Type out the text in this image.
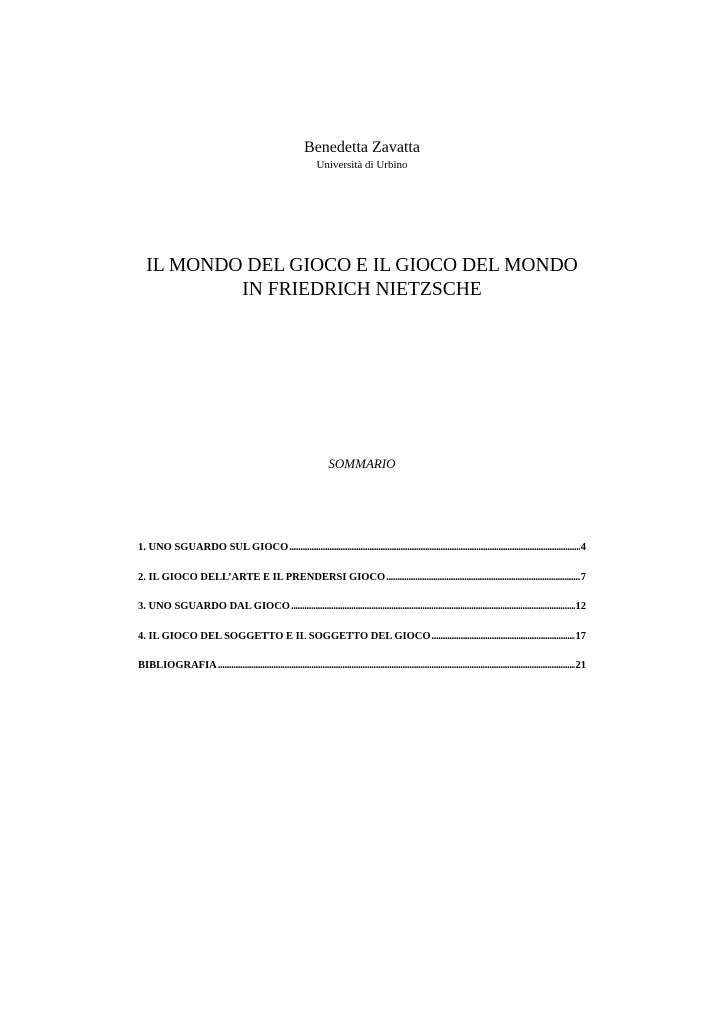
Benedetta Zavatta
Università di Urbino
IL MONDO DEL GIOCO E IL GIOCO DEL MONDO
IN FRIEDRICH NIETZSCHE
SOMMARIO
1. UNO SGUARDO SUL GIOCO .....	4
2. IL GIOCO DELL’ARTE E IL PRENDERSI GIOCO .....	7
3. UNO SGUARDO DAL GIOCO .....	12
4. IL GIOCO DEL SOGGETTO E IL SOGGETTO DEL GIOCO .....	17
BIBLIOGRAFIA .....	21
